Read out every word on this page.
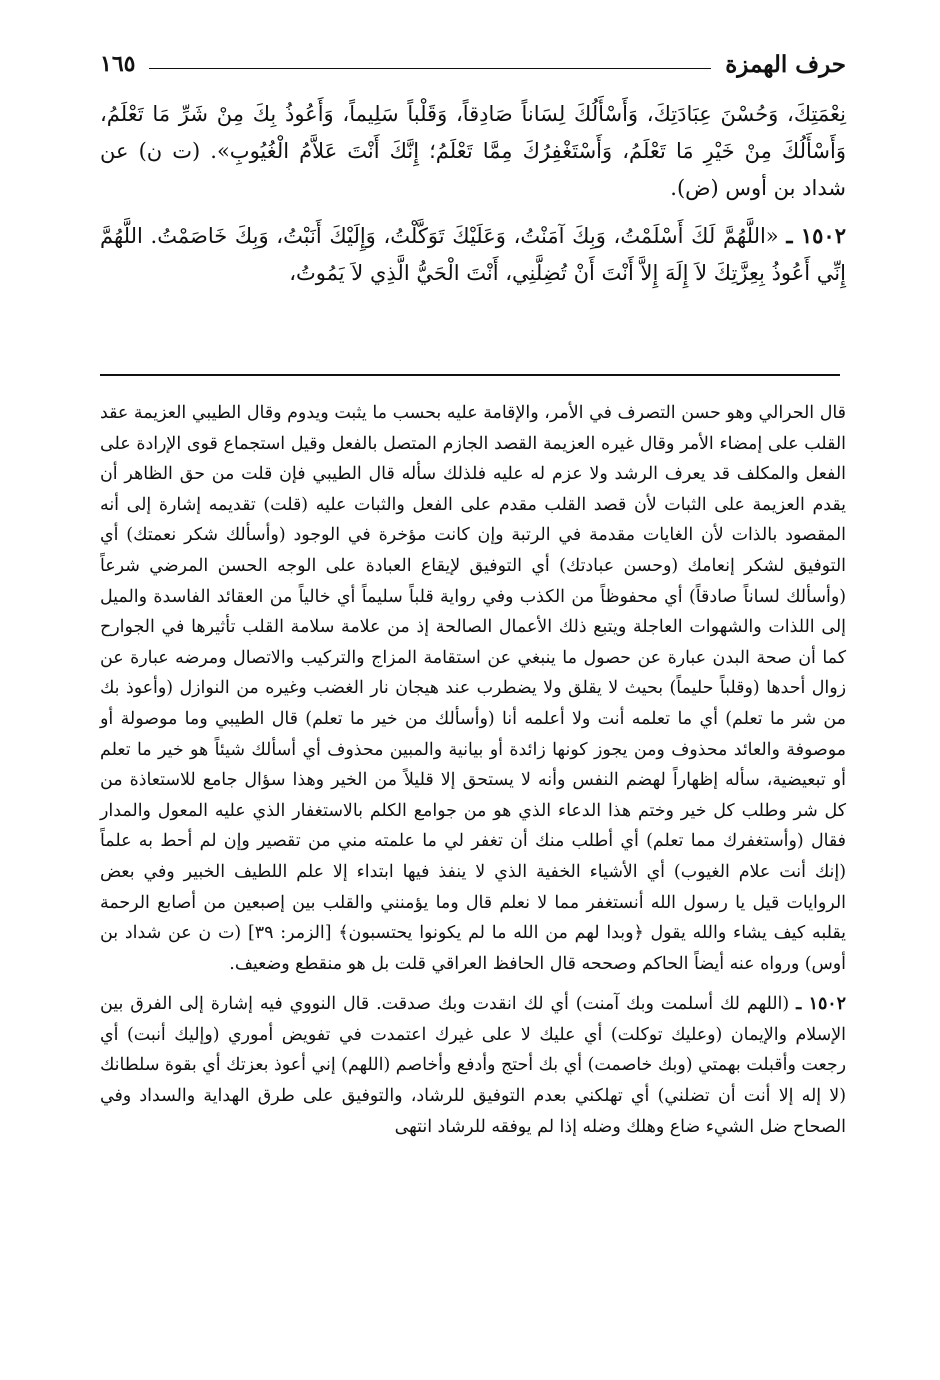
حرف الهمزة
١٦٥

نِعْمَتِكَ، وَحُسْنَ عِبَادَتِكَ، وَأَسْأَلُكَ لِسَاناً صَادِقاً، وَقَلْباً سَلِيماً، وَأَعُوذُ بِكَ مِنْ شَرِّ مَا تَعْلَمُ، وَأَسْأَلُكَ مِنْ خَيْرِ مَا تَعْلَمُ، وَأَسْتَغْفِرُكَ مِمَّا تَعْلَمُ؛ إِنَّكَ أَنْتَ عَلاَّمُ الْغُيُوبِ». (ت ن) عن شداد بن أوس (ض).

١٥٠٢ ـ «اللَّهُمَّ لَكَ أَسْلَمْتُ، وَبِكَ آمَنْتُ، وَعَلَيْكَ تَوَكَّلْتُ، وَإِلَيْكَ أَنَبْتُ، وَبِكَ خَاصَمْتُ. اللَّهُمَّ إِنِّي أَعُوذُ بِعِزَّتِكَ لاَ إِلَهَ إِلاَّ أَنْتَ أَنْ تُضِلَّنِي، أَنْتَ الْحَيُّ الَّذِي لاَ يَمُوتُ،

قال الحرالي وهو حسن التصرف في الأمر، والإقامة عليه بحسب ما يثبت ويدوم وقال الطيبي العزيمة عقد القلب على إمضاء الأمر وقال غيره العزيمة القصد الجازم المتصل بالفعل وقيل استجماع قوى الإرادة على الفعل والمكلف قد يعرف الرشد ولا عزم له عليه فلذلك سأله قال الطيبي فإن قلت من حق الظاهر أن يقدم العزيمة على الثبات لأن قصد القلب مقدم على الفعل والثبات عليه (قلت) تقديمه إشارة إلى أنه المقصود بالذات لأن الغايات مقدمة في الرتبة وإن كانت مؤخرة في الوجود (وأسألك شكر نعمتك) أي التوفيق لشكر إنعامك (وحسن عبادتك) أي التوفيق لإيقاع العبادة على الوجه الحسن المرضي شرعاً (وأسألك لساناً صادقاً) أي محفوظاً من الكذب وفي رواية قلباً سليماً أي خالياً من العقائد الفاسدة والميل إلى اللذات والشهوات العاجلة ويتبع ذلك الأعمال الصالحة إذ من علامة سلامة القلب تأثيرها في الجوارح كما أن صحة البدن عبارة عن حصول ما ينبغي عن استقامة المزاج والتركيب والاتصال ومرضه عبارة عن زوال أحدها (وقلباً حليماً) بحيث لا يقلق ولا يضطرب عند هيجان نار الغضب وغيره من النوازل (وأعوذ بك من شر ما تعلم) أي ما تعلمه أنت ولا أعلمه أنا (وأسألك من خير ما تعلم) قال الطيبي وما موصولة أو موصوفة والعائد محذوف ومن يجوز كونها زائدة أو بيانية والمبين محذوف أي أسألك شيئاً هو خير ما تعلم أو تبعيضية، سأله إظهاراً لهضم النفس وأنه لا يستحق إلا قليلاً من الخير وهذا سؤال جامع للاستعاذة من كل شر وطلب كل خير وختم هذا الدعاء الذي هو من جوامع الكلم بالاستغفار الذي عليه المعول والمدار فقال (وأستغفرك مما تعلم) أي أطلب منك أن تغفر لي ما علمته مني من تقصير وإن لم أحط به علماً (إنك أنت علام الغيوب) أي الأشياء الخفية الذي لا ينفذ فيها ابتداء إلا علم اللطيف الخبير وفي بعض الروايات قيل يا رسول الله أنستغفر مما لا نعلم قال وما يؤمنني والقلب بين إصبعين من أصابع الرحمة يقلبه كيف يشاء والله يقول ﴿وبدا لهم من الله ما لم يكونوا يحتسبون﴾ [الزمر: ٣٩] (ت ن عن شداد بن أوس) ورواه عنه أيضاً الحاكم وصححه قال الحافظ العراقي قلت بل هو منقطع وضعيف.

١٥٠٢ ـ (اللهم لك أسلمت وبك آمنت) أي لك انقدت وبك صدقت. قال النووي فيه إشارة إلى الفرق بين الإسلام والإيمان (وعليك توكلت) أي عليك لا على غيرك اعتمدت في تفويض أموري (وإليك أنبت) أي رجعت وأقبلت بهمتي (وبك خاصمت) أي بك أحتج وأدفع وأخاصم (اللهم) إني أعوذ بعزتك أي بقوة سلطانك (لا إله إلا أنت أن تضلني) أي تهلكني بعدم التوفيق للرشاد، والتوفيق على طرق الهداية والسداد وفي الصحاح ضل الشيء ضاع وهلك وضله إذا لم يوفقه للرشاد انتهى
